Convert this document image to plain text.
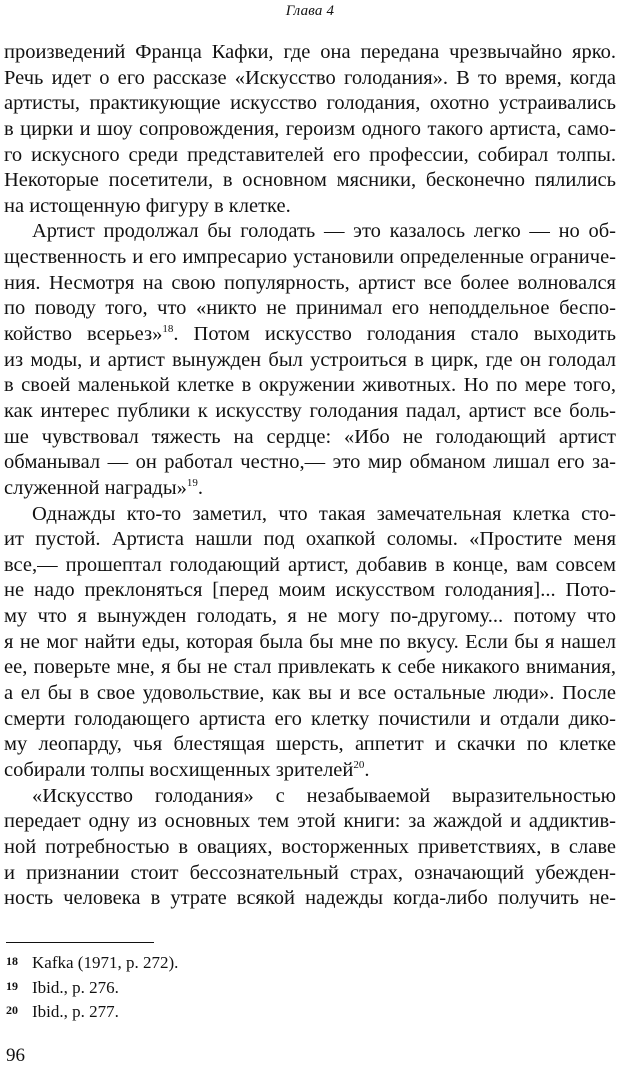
Глава 4
произведений Франца Кафки, где она передана чрезвычайно ярко.
Речь идет о его рассказе «Искусство голодания». В то время, когда
артисты, практикующие искусство голодания, охотно устраивались
в цирки и шоу сопровождения, героизм одного такого артиста, само-
го искусного среди представителей его профессии, собирал толпы.
Некоторые посетители, в основном мясники, бесконечно пялились
на истощенную фигуру в клетке.
Артист продолжал бы голодать — это казалось легко — но об-
щественность и его импресарио установили определенные ограниче-
ния. Несмотря на свою популярность, артист все более волновался
по поводу того, что «никто не принимал его неподдельное беспо-
койство всерьез»$^{18}$. Потом искусство голодания стало выходить
из моды, и артист вынужден был устроиться в цирк, где он голодал
в своей маленькой клетке в окружении животных. Но по мере того,
как интерес публики к искусству голодания падал, артист все боль-
ше чувствовал тяжесть на сердце: «Ибо не голодающий артист
обманывал — он работал честно,— это мир обманом лишал его за-
служенной награды»$^{19}$.
Однажды кто-то заметил, что такая замечательная клетка сто-
ит пустой. Артиста нашли под охапкой соломы. «Простите меня
все,— прошептал голодающий артист, добавив в конце, вам совсем
не надо преклоняться [перед моим искусством голодания]... Пото-
му что я вынужден голодать, я не могу по-другому... потому что
я не мог найти еды, которая была бы мне по вкусу. Если бы я нашел
ее, поверьте мне, я бы не стал привлекать к себе никакого внимания,
а ел бы в свое удовольствие, как вы и все остальные люди». После
смерти голодающего артиста его клетку почистили и отдали дико-
му леопарду, чья блестящая шерсть, аппетит и скачки по клетке
собирали толпы восхищенных зрителей$^{20}$.
«Искусство голодания» с незабываемой выразительностью
передает одну из основных тем этой книги: за жаждой и аддиктив-
ной потребностью в овациях, восторженных приветствиях, в славе
и признании стоит бессознательный страх, означающий убежден-
ность человека в утрате всякой надежды когда-либо получить не-
18 Kafka (1971, p. 272).
19 Ibid., p. 276.
20 Ibid., p. 277.
96
